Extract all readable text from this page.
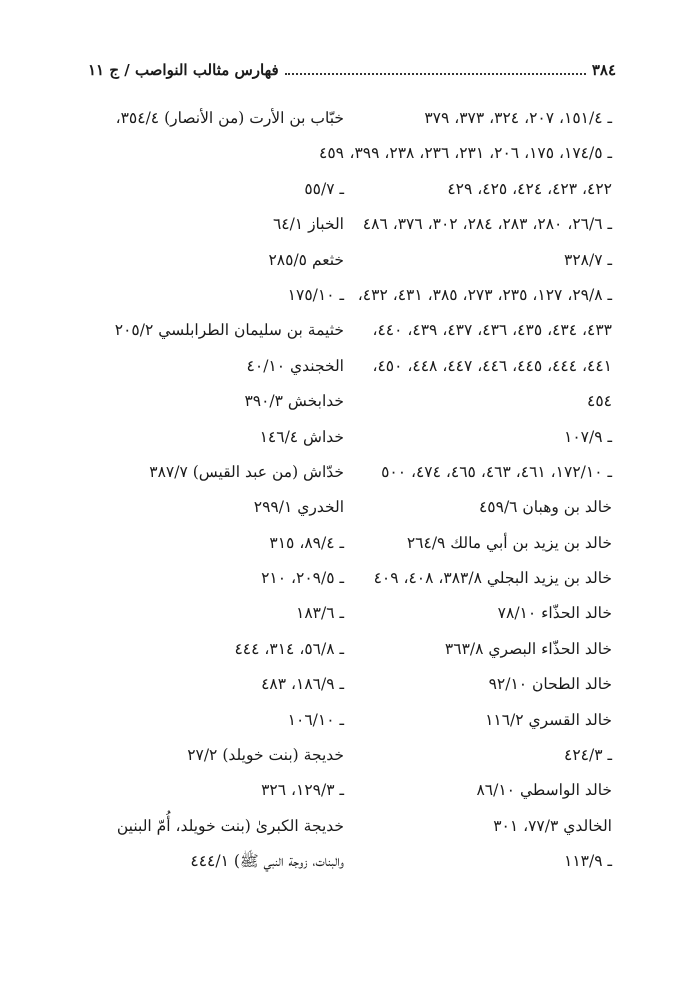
٣٨٤
فهارس مثالب النواصب / ج ١١
ـ ١٥١/٤، ٢٠٧، ٣٢٤، ٣٧٣، ٣٧٩
ـ ١٧٤/٥، ١٧٥، ٢٠٦، ٢٣١، ٢٣٦، ٢٣٨، ٣٩٩،
٤٢٢، ٤٢٣، ٤٢٤، ٤٢٥، ٤٢٩
ـ ٢٦/٦، ٢٨٠، ٢٨٣، ٢٨٤، ٣٠٢، ٣٧٦، ٤٨٦
ـ ٣٢٨/٧
ـ ٢٩/٨، ١٢٧، ٢٣٥، ٢٧٣، ٣٨٥، ٤٣١، ٤٣٢،
٤٣٣، ٤٣٤، ٤٣٥، ٤٣٦، ٤٣٧، ٤٣٩، ٤٤٠،
٤٤١، ٤٤٤، ٤٤٥، ٤٤٦، ٤٤٧، ٤٤٨، ٤٥٠،
٤٥٤
ـ ١٠٧/٩
ـ ١٧٢/١٠، ٤٦١، ٤٦٣، ٤٦٥، ٤٧٤، ٥٠٠
خالد بن وهبان ٤٥٩/٦
خالد بن يزيد بن أبي مالك ٢٦٤/٩
خالد بن يزيد البجلي ٣٨٣/٨، ٤٠٨، ٤٠٩
خالد الحذّاء ٧٨/١٠
خالد الحذّاء البصري ٣٦٣/٨
خالد الطحان ٩٢/١٠
خالد القسري ١١٦/٢
ـ ٤٢٤/٣
خالد الواسطي ٨٦/١٠
الخالدي ٧٧/٣، ٣٠١
ـ ١١٣/٩
خبّاب بن الأرت (من الأنصار) ٣٥٤/٤،
٤٥٩
ـ ٥٥/٧
الخباز ٦٤/١
خثعم ٢٨٥/٥
ـ ١٧٥/١٠
خثيمة بن سليمان الطرابلسي ٢٠٥/٢
الخجندي ٤٠/١٠
خدابخش ٣٩٠/٣
خداش ١٤٦/٤
خدّاش (من عبد القيس) ٣٨٧/٧
الخدري ٢٩٩/١
ـ ٨٩/٤، ٣١٥
ـ ٢٠٩/٥، ٢١٠
ـ ١٨٣/٦
ـ ٥٦/٨، ٣١٤، ٤٤٤
ـ ١٨٦/٩، ٤٨٣
ـ ١٠٦/١٠
خديجة (بنت خويلد) ٢٧/٢
ـ ١٢٩/٣، ٣٢٦
خديجة الكبرىٰ (بنت خويلد، أُمّ البنين
والبنات، زوجة النبي ﷺ) ٤٤٤/١
